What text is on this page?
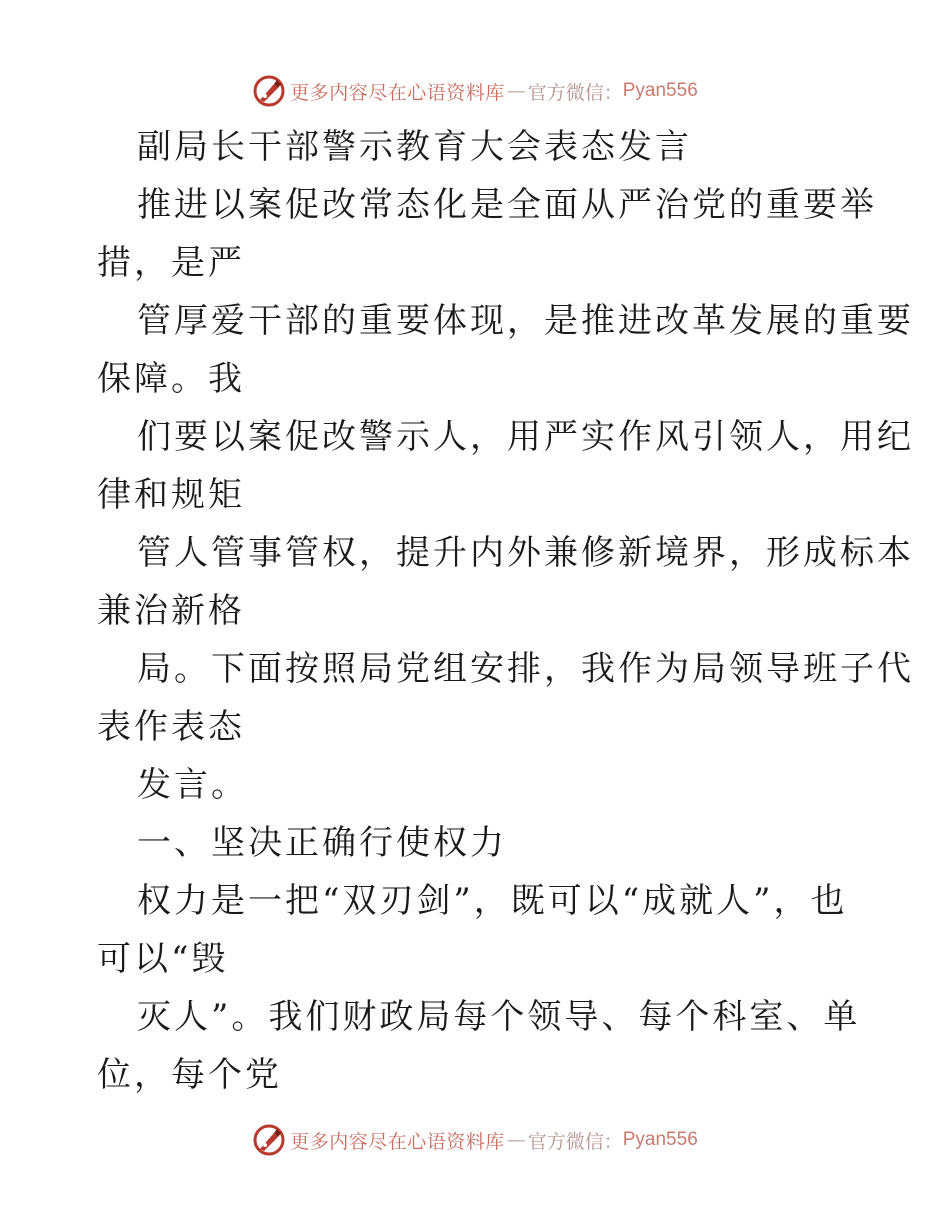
更多内容尽在心语资料库 — 官方微信： Pyan556
副局长干部警示教育大会表态发言
推进以案促改常态化是全面从严治党的重要举
措，是严
管厚爱干部的重要体现，是推进改革发展的重要
保障。我
们要以案促改警示人，用严实作风引领人，用纪
律和规矩
管人管事管权，提升内外兼修新境界，形成标本
兼治新格
局。下面按照局党组安排，我作为局领导班子代
表作表态
发言。
一、坚决正确行使权力
权力是一把“双刃剑”，既可以“成就人”，也
可以“毁
灭人”。我们财政局每个领导、每个科室、单
位，每个党
更多内容尽在心语资料库 — 官方微信： Pyan556
